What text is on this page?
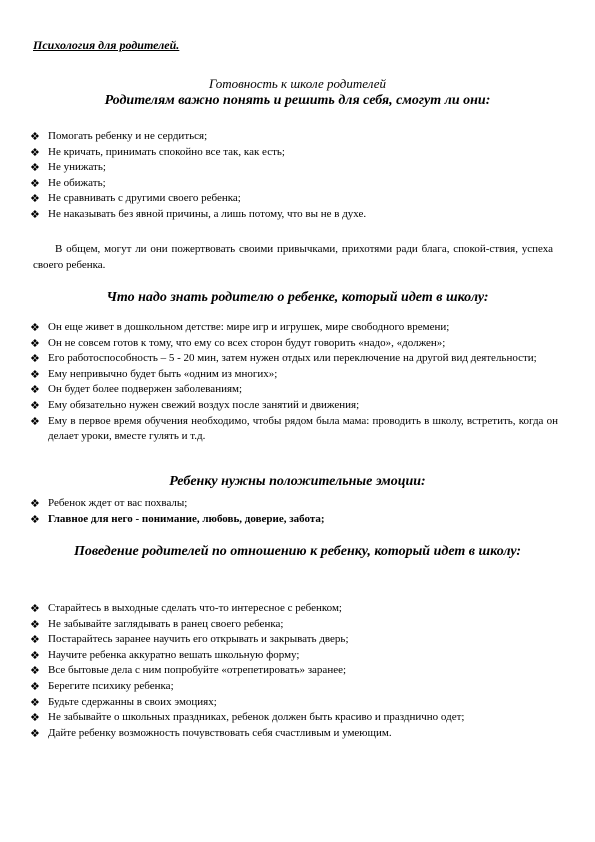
Психология для родителей.
Готовность к школе родителей
Родителям важно понять и решить для себя, смогут ли они:
❖ Помогать ребенку и не сердиться;
❖ Не кричать, принимать спокойно все так, как есть;
❖ Не унижать;
❖ Не обижать;
❖ Не сравнивать с другими своего ребенка;
❖ Не наказывать без явной причины, а лишь потому, что вы не в духе.

В общем, могут ли они пожертвовать своими привычками, прихотями ради блага, спокой-ствия, успеха своего ребенка.

Что надо знать родителю о ребенке, который идет в школу:
❖ Он еще живет в дошкольном детстве: мире игр и игрушек, мире свободного времени;
❖ Он не совсем готов к тому, что ему со всех сторон будут говорить «надо», «должен»;
❖ Его работоспособность – 5 - 20 мин, затем нужен отдых или переключение на другой вид деятельности;
❖ Ему непривычно будет быть «одним из многих»;
❖ Он будет более подвержен заболеваниям;
❖ Ему обязательно нужен свежий воздух после занятий и движения;
❖ Ему в первое время обучения необходимо, чтобы рядом была мама: проводить в школу, встретить, когда он делает уроки, вместе гулять и т.д.
Ребенку нужны положительные эмоции:
❖ Ребенок ждет от вас похвалы;
❖ Главное для него - понимание, любовь, доверие, забота;
Поведение родителей по отношению к ребенку, который идет в школу:
❖ Старайтесь в выходные сделать что-то интересное с ребенком;
❖ Не забывайте заглядывать в ранец своего ребенка;
❖ Постарайтесь заранее научить его открывать и закрывать дверь;
❖ Научите ребенка аккуратно вешать школьную форму;
❖ Все бытовые дела с ним попробуйте «отрепетировать» заранее;
❖ Берегите психику ребенка;
❖ Будьте сдержанны в своих эмоциях;
❖ Не забывайте о школьных праздниках, ребенок должен быть красиво и празднично одет;
❖ Дайте ребенку возможность почувствовать себя счастливым и умеющим.
